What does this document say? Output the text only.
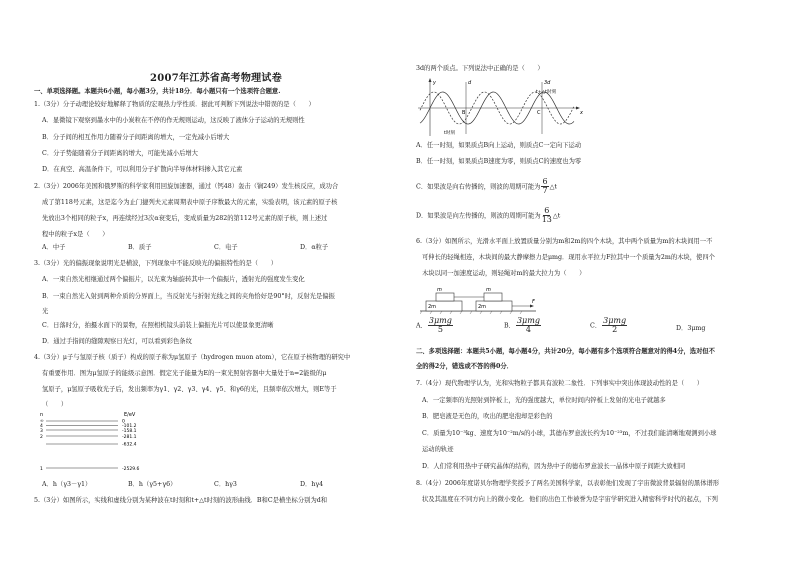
2007年江苏省高考物理试卷
一、单项选择题。本题共6小题，每小题3分，共计18分．每小题只有一个选项符合题意.
1.（3分）分子动理论较好地解释了物质的宏观热力学性质．据此可判断下列说法中错误的是（　　）
A．显微镜下观察到墨水中的小炭粒在不停的作无规则运动，这反映了液体分子运动的无规则性
B．分子间的相互作用力随着分子间距离的增大，一定先减小后增大
C．分子势能随着分子间距离的增大，可能先减小后增大
D．在真空、高温条件下，可以利用分子扩散向半导体材料掺入其它元素
2.（3分）2006年美国和俄罗斯的科学家利用回旋加速器，通过（钙48）轰击（锎249）发生核反应，成功合
成了第118号元素，这是迄今为止门捷列夫元素周期表中原子序数最大的元素，实验表明，该元素的原子核
先放出3个相同的粒子x，再连续经过3次α衰变后，变成质量为282的第112号元素的原子核，则上述过
程中的粒子x是（　　）
A．中子	B．质子	C．电子	D．α粒子
3.（3分）光的偏振现象说明光是横波，下列现象中不能反映光的偏振特性的是（　　）
A．一束自然光相继通过两个偏振片，以光束为轴旋转其中一个偏振片，透射光的强度发生变化
B．一束自然光入射到两种介质的分界面上，当反射光与折射光线之间的夹角恰好是90°时，反射光是偏振
光
C．日落时分，拍摄水面下的景物，在照相机镜头前装上偏振光片可以使景象更清晰
D．通过手指间的缝隙观察日光灯，可以看到彩色条纹
4.（3分）μ子与氢原子核（质子）构成的原子称为μ氢原子（hydrogen muon atom），它在原子核物理的研究中
有重要作用．图为μ氢原子的能级示意图．假定光子能量为E的一束光照射容器中大量处于n=2能级的μ
氢原子，μ氢原子吸收光子后，发出频率为γ1、γ2、γ3、γ4、γ5、和γ6的光，且频率依次增大，则E等于
（　　）
n	E/eV
∞	0
4	-101.2
3	-158.1
2	-281.1
-632.4
1	-2529.6
A．h（γ3－γ1）	B．h（γ5+γ6）	C．hγ3	D．hγ4
5.（3分）如图所示，实线和虚线分别为某种波在t时刻和t+△t时刻的波形曲线．B和C是横坐标分别为d和
3d的两个质点。下列说法中正确的是（　　）
y
x
d
B	C
3d
t+△t时刻
t时刻
A．任一时刻，如果质点B向上运动，则质点C一定向下运动
B．任一时刻，如果质点B速度为零，则质点C的速度也为零
C．如果波是向右传播的，则波的周期可能为 $\frac{6}{7}$ △t
D．如果波是向左传播的，则波的周期可能为 $\frac{6}{13}$ △t
6.（3分）如图所示，光滑水平面上放置质量分别为m和2m的四个木块，其中两个质量为m的木块间用一不
可伸长的轻绳相连，木块间的最大静摩擦力是μmg．现用水平拉力F拉其中一个质量为2m的木块，使四个
木块以同一加速度运动，则轻绳对m的最大拉力为（　　）
m	m
2m	2m
F
A． $\frac{\text{3μmg}}{5}$	B． $\frac{\text{3μmg}}{4}$	C． $\frac{\text{3μmg}}{2}$	D．3μmg
二、多项选择题：本题共5小题，每小题4分，共计20分，每小题有多个选项符合题意对的得4分，选对但不
全的得2分，错选或不答的得0分．
7.（4分）现代物理学认为，光和实物粒子都具有波粒二象性．下列事实中突出体现波动性的是（　　）
A．一定频率的光照射到锌板上，光的强度越大，单位时间内锌板上发射的光电子就越多
B．肥皂液是无色的，吹出的肥皂泡却是彩色的
C．质量为10⁻³kg、速度为10⁻²m/s的小球，其德布罗意波长约为10⁻²³m，不过我们能清晰地观测到小球
运动的轨迹
D．人们常利用热中子研究晶体的结构，因为热中子的德布罗意波长一晶体中原子间距大致相同
8.（4分）2006年度诺贝尔物理学奖授予了两名美国科学家，以表彰他们发现了宇宙微波背景辐射的黑体谱形
状及其温度在不同方向上的微小变化．他们的出色工作被誉为是宇宙学研究进入精密科学时代的起点，下列
